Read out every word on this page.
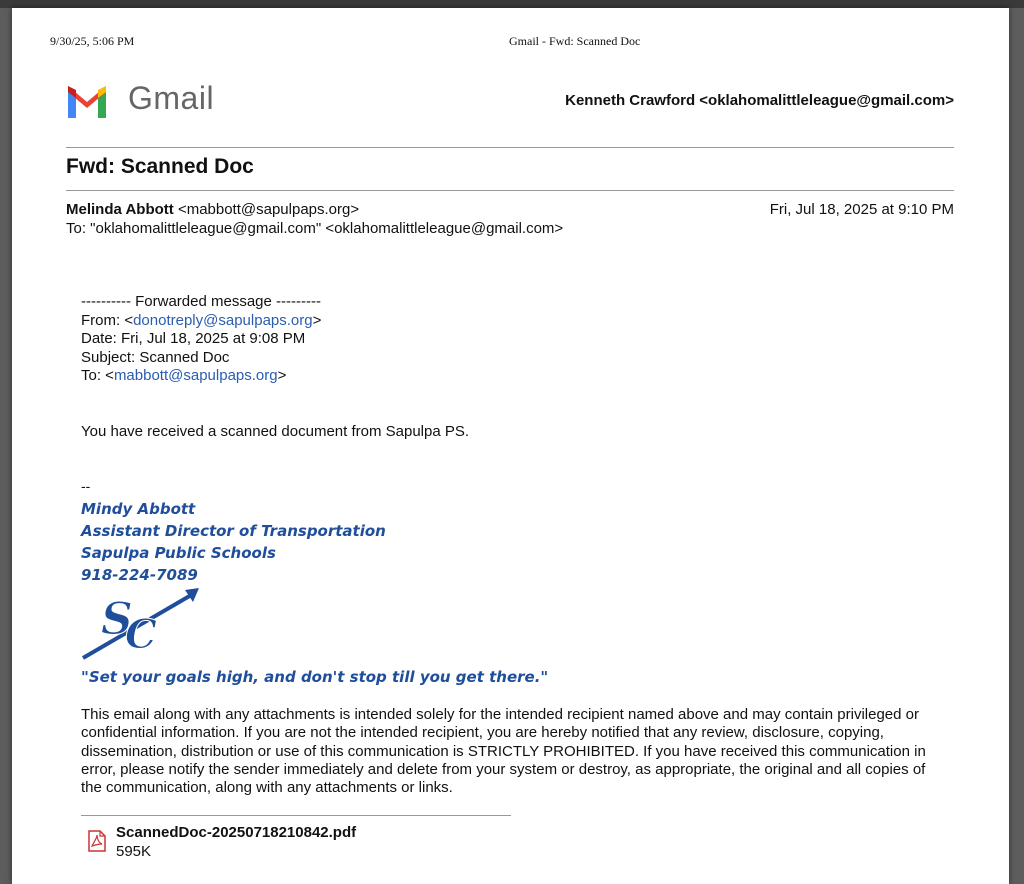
9/30/25, 5:06 PM	Gmail - Fwd: Scanned Doc
Gmail	Kenneth Crawford <oklahomalittleleague@gmail.com>
Fwd: Scanned Doc
Melinda Abbott <mabbott@sapulpaps.org>	Fri, Jul 18, 2025 at 9:10 PM
To: "oklahomalittleleague@gmail.com" <oklahomalittleleague@gmail.com>
---------- Forwarded message ---------
From: <donotreply@sapulpaps.org>
Date: Fri, Jul 18, 2025 at 9:08 PM
Subject: Scanned Doc
To: <mabbott@sapulpaps.org>
You have received a scanned document from Sapulpa PS.
--
Mindy Abbott
Assistant Director of Transportation
Sapulpa Public Schools
918-224-7089
S
C
"Set your goals high, and don't stop till you get there."
This email along with any attachments is intended solely for the intended recipient named above and may contain privileged or confidential information. If you are not the intended recipient, you are hereby notified that any review, disclosure, copying, dissemination, distribution or use of this communication is STRICTLY PROHIBITED. If you have received this communication in error, please notify the sender immediately and delete from your system or destroy, as appropriate, the original and all copies of the communication, along with any attachments or links.
ScannedDoc-20250718210842.pdf
595K
